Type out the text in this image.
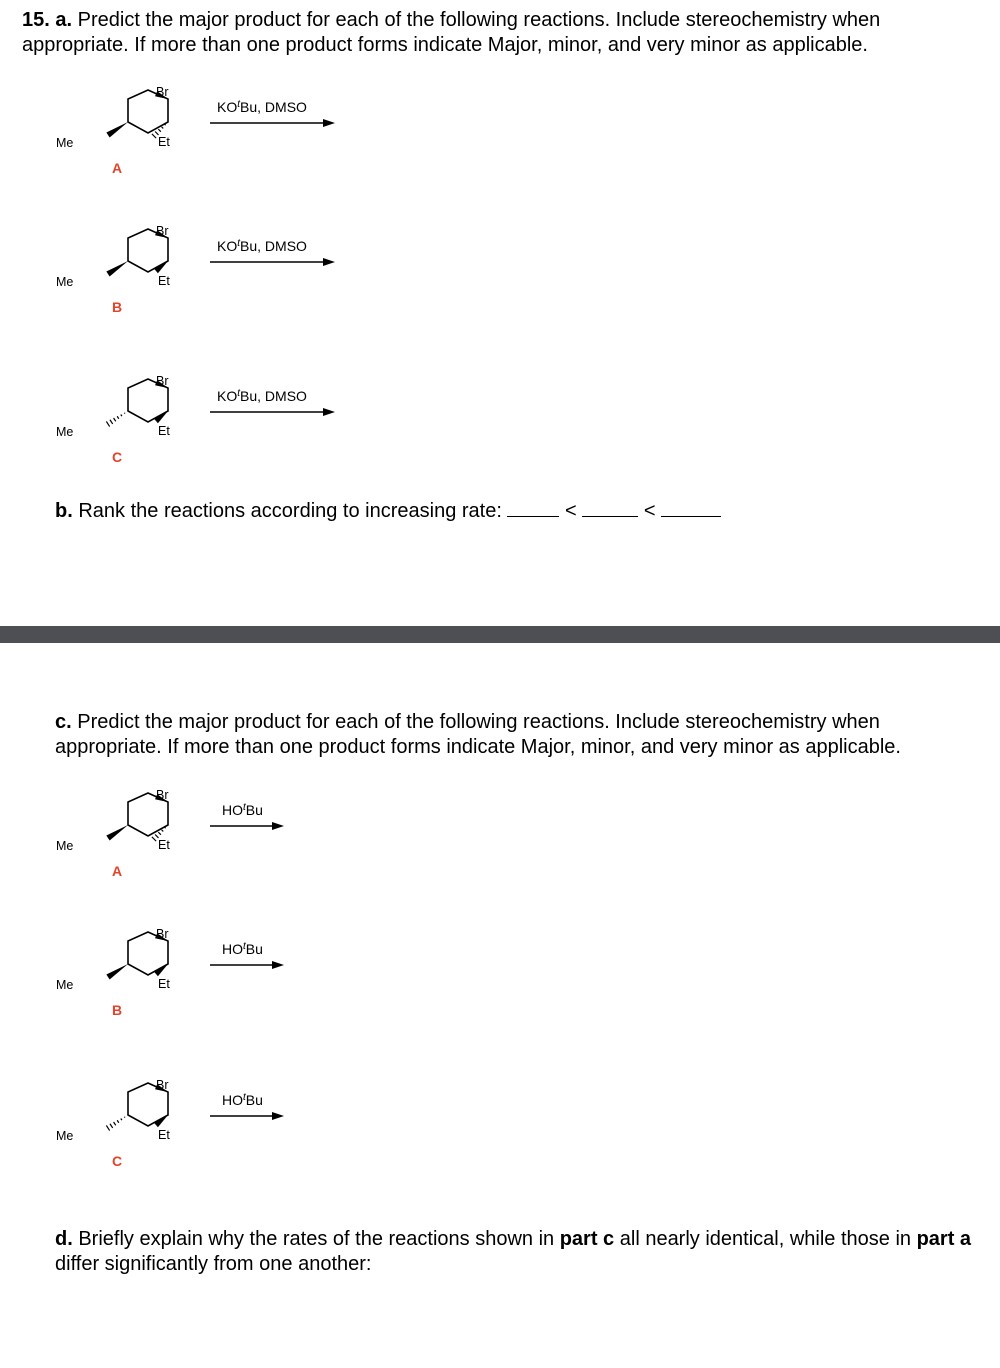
15. a. Predict the major product for each of the following reactions. Include stereochemistry when appropriate. If more than one product forms indicate Major, minor, and very minor as applicable.

Br
Et
Me
A
$KO^tBu$, DMSO
Br
Et
Me
B
$KO^tBu$, DMSO
Br
Et
Me
C
$KO^tBu$, DMSO

b. Rank the reactions according to increasing rate:	<	<

c. Predict the major product for each of the following reactions. Include stereochemistry when appropriate. If more than one product forms indicate Major, minor, and very minor as applicable.

Br
Et
Me
A
$HO^tBu$
Br
Et
Me
B
$HO^tBu$
Br
Et
Me
C
$HO^tBu$

d. Briefly explain why the rates of the reactions shown in part c all nearly identical, while those in part a differ significantly from one another:
